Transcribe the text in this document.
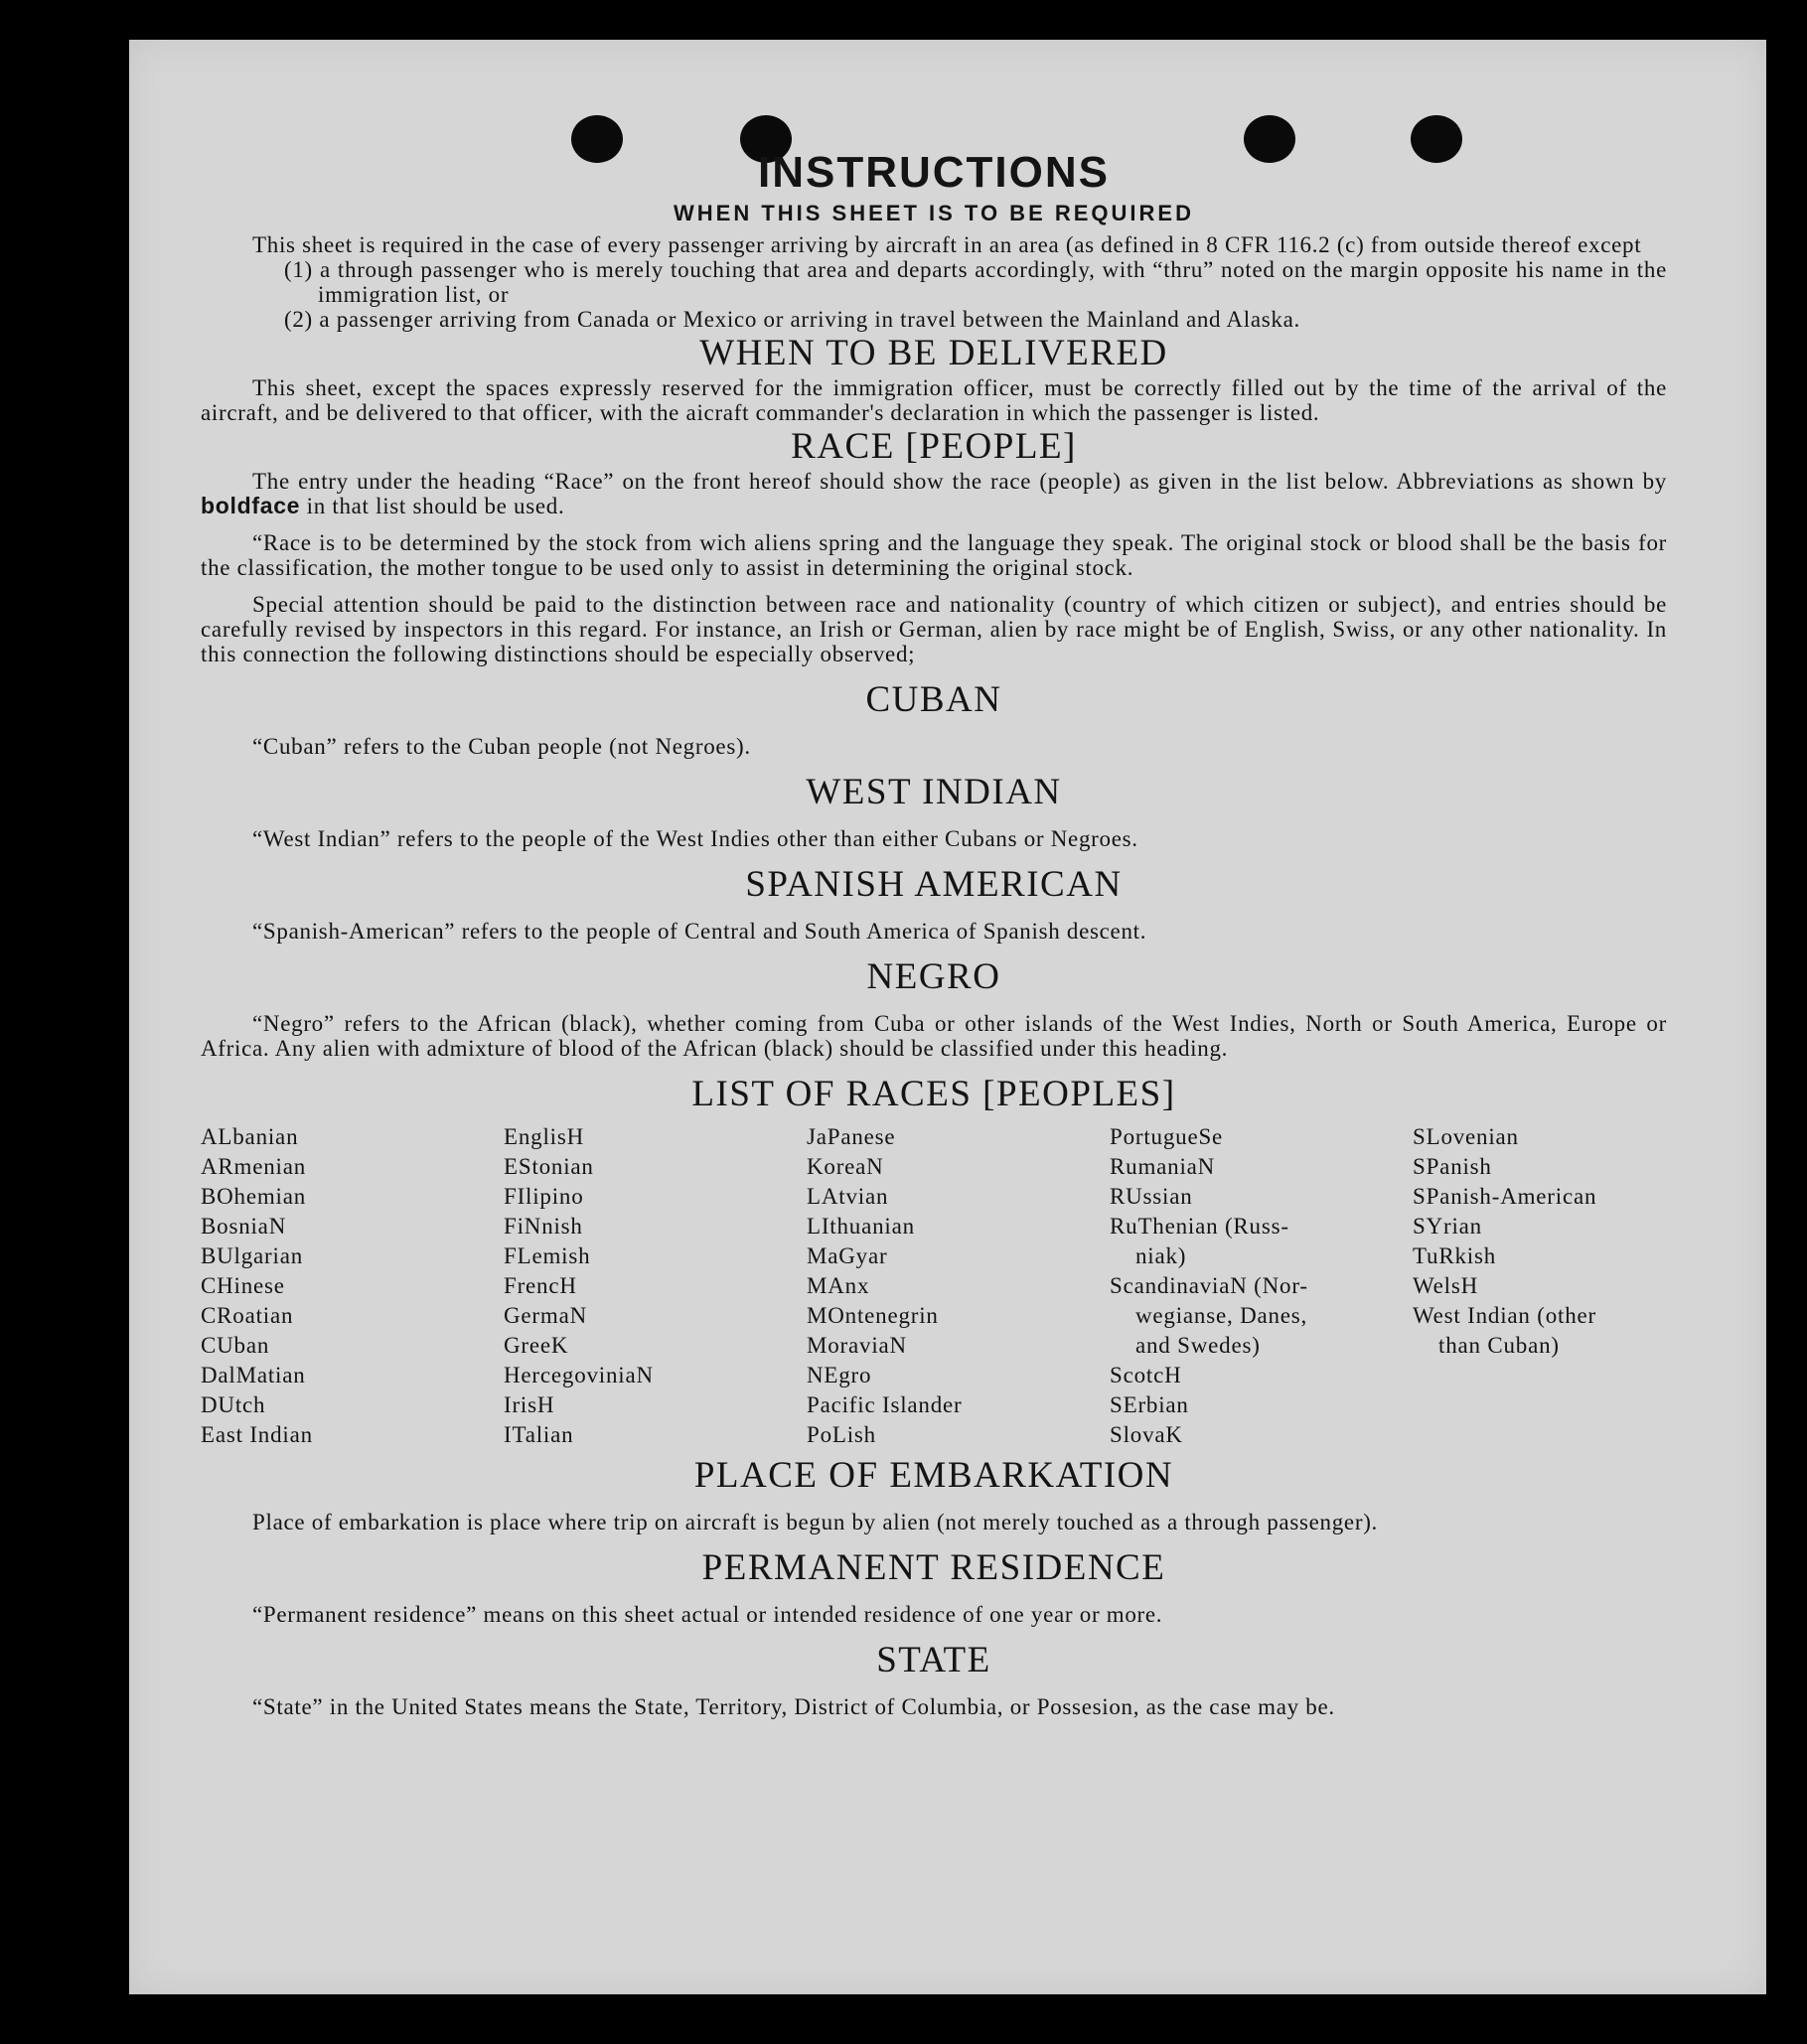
INSTRUCTIONS
WHEN THIS SHEET IS TO BE REQUIRED

This sheet is required in the case of every passenger arriving by aircraft in an area (as defined in 8 CFR 116.2 (c) from outside thereof except

(1) a through passenger who is merely touching that area and departs accordingly, with “thru” noted on the margin opposite his name in the immigration list, or

(2) a passenger arriving from Canada or Mexico or arriving in travel between the Mainland and Alaska.

WHEN TO BE DELIVERED

This sheet, except the spaces expressly reserved for the immigration officer, must be correctly filled out by the time of the arrival of the aircraft, and be delivered to that officer, with the aicraft commander's declaration in which the passenger is listed.

RACE [PEOPLE]

The entry under the heading “Race” on the front hereof should show the race (people) as given in the list below. Abbreviations as shown by boldface in that list should be used.

“Race is to be determined by the stock from wich aliens spring and the language they speak. The original stock or blood shall be the basis for the classification, the mother tongue to be used only to assist in determining the original stock.

Special attention should be paid to the distinction between race and nationality (country of which citizen or subject), and entries should be carefully revised by inspectors in this regard. For instance, an Irish or German, alien by race might be of English, Swiss, or any other nationality. In this connection the following distinctions should be especially observed;

CUBAN

“Cuban” refers to the Cuban people (not Negroes).

WEST INDIAN

“West Indian” refers to the people of the West Indies other than either Cubans or Negroes.

SPANISH AMERICAN

“Spanish-American” refers to the people of Central and South America of Spanish descent.

NEGRO

“Negro” refers to the African (black), whether coming from Cuba or other islands of the West Indies, North or South America, Europe or Africa. Any alien with admixture of blood of the African (black) should be classified under this heading.

LIST OF RACES [PEOPLES]
ALbanian
ARmenian
BOhemian
BosniaN
BUlgarian
CHinese
CRoatian
CUban
DalMatian
DUtch
East Indian
EnglisH
EStonian
FIlipino
FiNnish
FLemish
FrencH
GermaN
GreeK
HercegoviniaN
IrisH
ITalian
JaPanese
KoreaN
LAtvian
LIthuanian
MaGyar
MAnx
MOntenegrin
MoraviaN
NEgro
Pacific Islander
PoLish
PortugueSe
RumaniaN
RUssian
RuThenian (Russ-
niak)
ScandinaviaN (Nor-
wegianse, Danes,
and Swedes)
ScotcH
SErbian
SlovaK
SLovenian
SPanish
SPanish-American
SYrian
TuRkish
WelsH
West Indian (other
than Cuban)
PLACE OF EMBARKATION

Place of embarkation is place where trip on aircraft is begun by alien (not merely touched as a through passenger).

PERMANENT RESIDENCE

“Permanent residence” means on this sheet actual or intended residence of one year or more.

STATE

“State” in the United States means the State, Territory, District of Columbia, or Possesion, as the case may be.
